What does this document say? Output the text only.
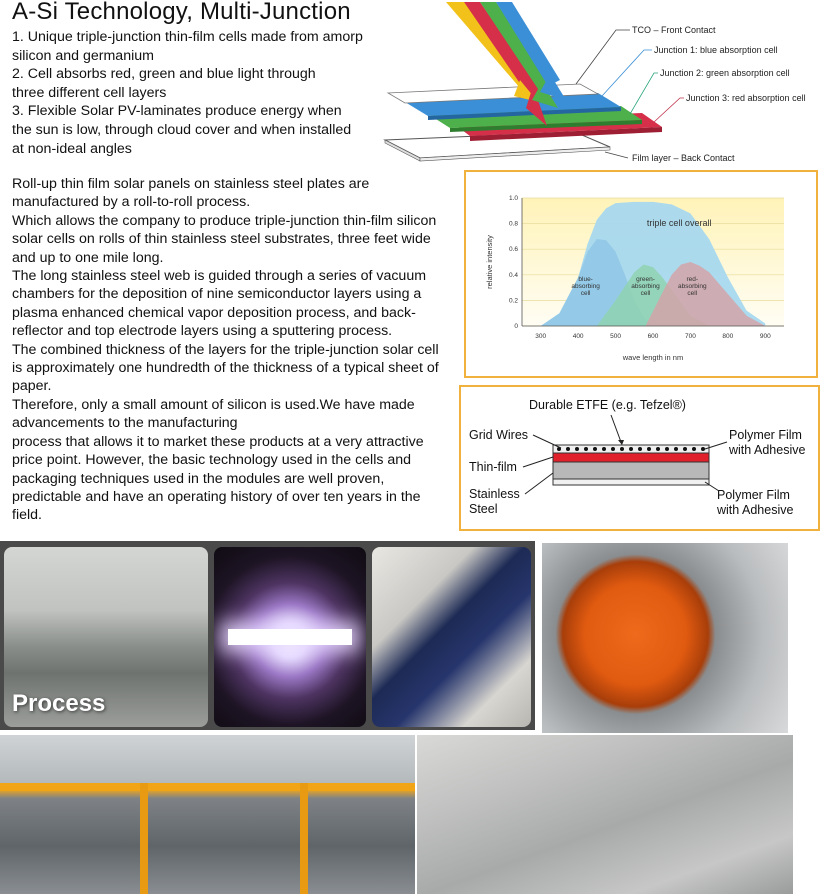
A-Si Technology, Multi-Junction

1. Unique triple-junction thin-film cells made from amorp

silicon and germanium

2. Cell absorbs red, green and blue light through

three different cell layers

3. Flexible Solar PV-laminates produce energy when

the sun is low, through cloud cover and when installed

at non-ideal angles

Roll-up thin film solar panels on stainless steel plates are manufactured by a roll-to-roll process.

Which allows the company to produce triple-junction thin-film silicon solar cells on rolls of thin stainless steel substrates, three feet wide and up to one mile long.

The long stainless steel web is guided through a series of vacuum chambers for the deposition of nine semiconductor layers using a plasma enhanced chemical vapor deposition process, and back-reflector and top electrode layers using a sputtering process.

The combined thickness of the layers for the triple-junction solar cell is approximately one hundredth of the thickness of a typical sheet of paper.

Therefore, only a small amount of silicon is used.We have made advancements to the manufacturing

process that allows it to market these products at a very attractive price point. However, the basic technology used in the cells and packaging techniques used in the modules are well proven, predictable and have an operating history of over ten years in the field.

TCO – Front Contact
Junction 1: blue absorption cell
Junction 2: green absorption cell
Junction 3: red absorption cell
Film layer – Back Contact
0
0.2
0.4
0.6
0.8
1.0
300	400	500	600	700	800	900
wave length in nm
relative intensity
triple cell overall
blue-absorbing cell
green-absorbing cell
red-absorbing cell
Durable ETFE (e.g. Tefzel®)
Grid Wires
Thin-film
Stainless
Steel
Polymer Film
with Adhesive
Polymer Film
with Adhesive
Process
